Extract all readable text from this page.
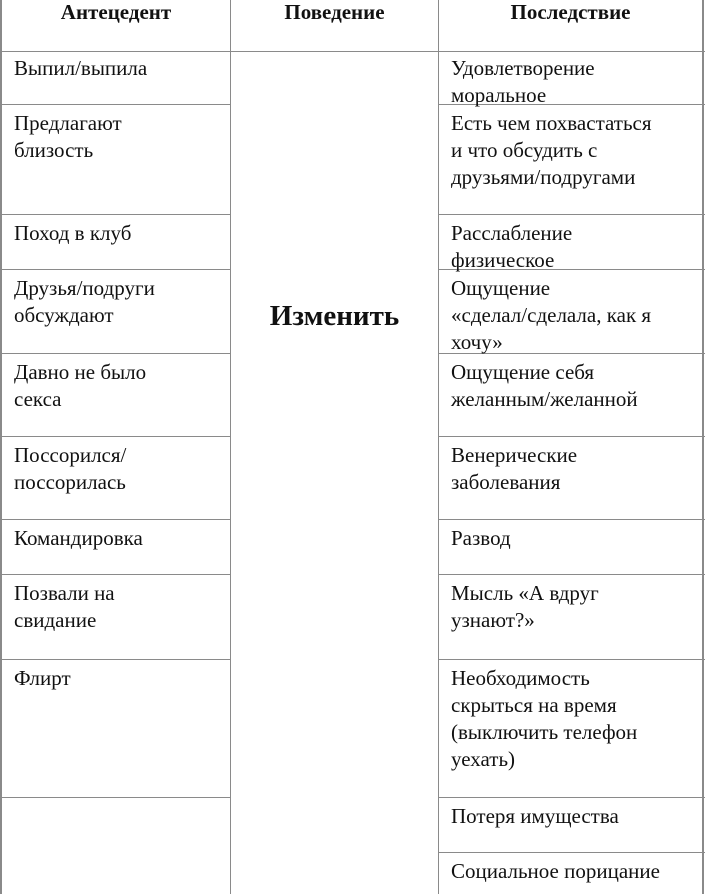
Антецедент	Поведение	Последствие
Изменить
Выпил/выпила
Предлагают
близость
Поход в клуб
Друзья/подруги
обсуждают
Давно не было
секса
Поссорился/
поссорилась
Командировка
Позвали на
свидание
Флирт
Удовлетворение
моральное
Есть чем похвастаться
и что обсудить с
друзьями/подругами
Расслабление
физическое
Ощущение
«сделал/сделала, как я
хочу»
Ощущение себя
желанным/желанной
Венерические
заболевания
Развод
Мысль «А вдруг
узнают?»
Необходимость
скрыться на время
(выключить телефон
уехать)
Потеря имущества
Социальное порицание
